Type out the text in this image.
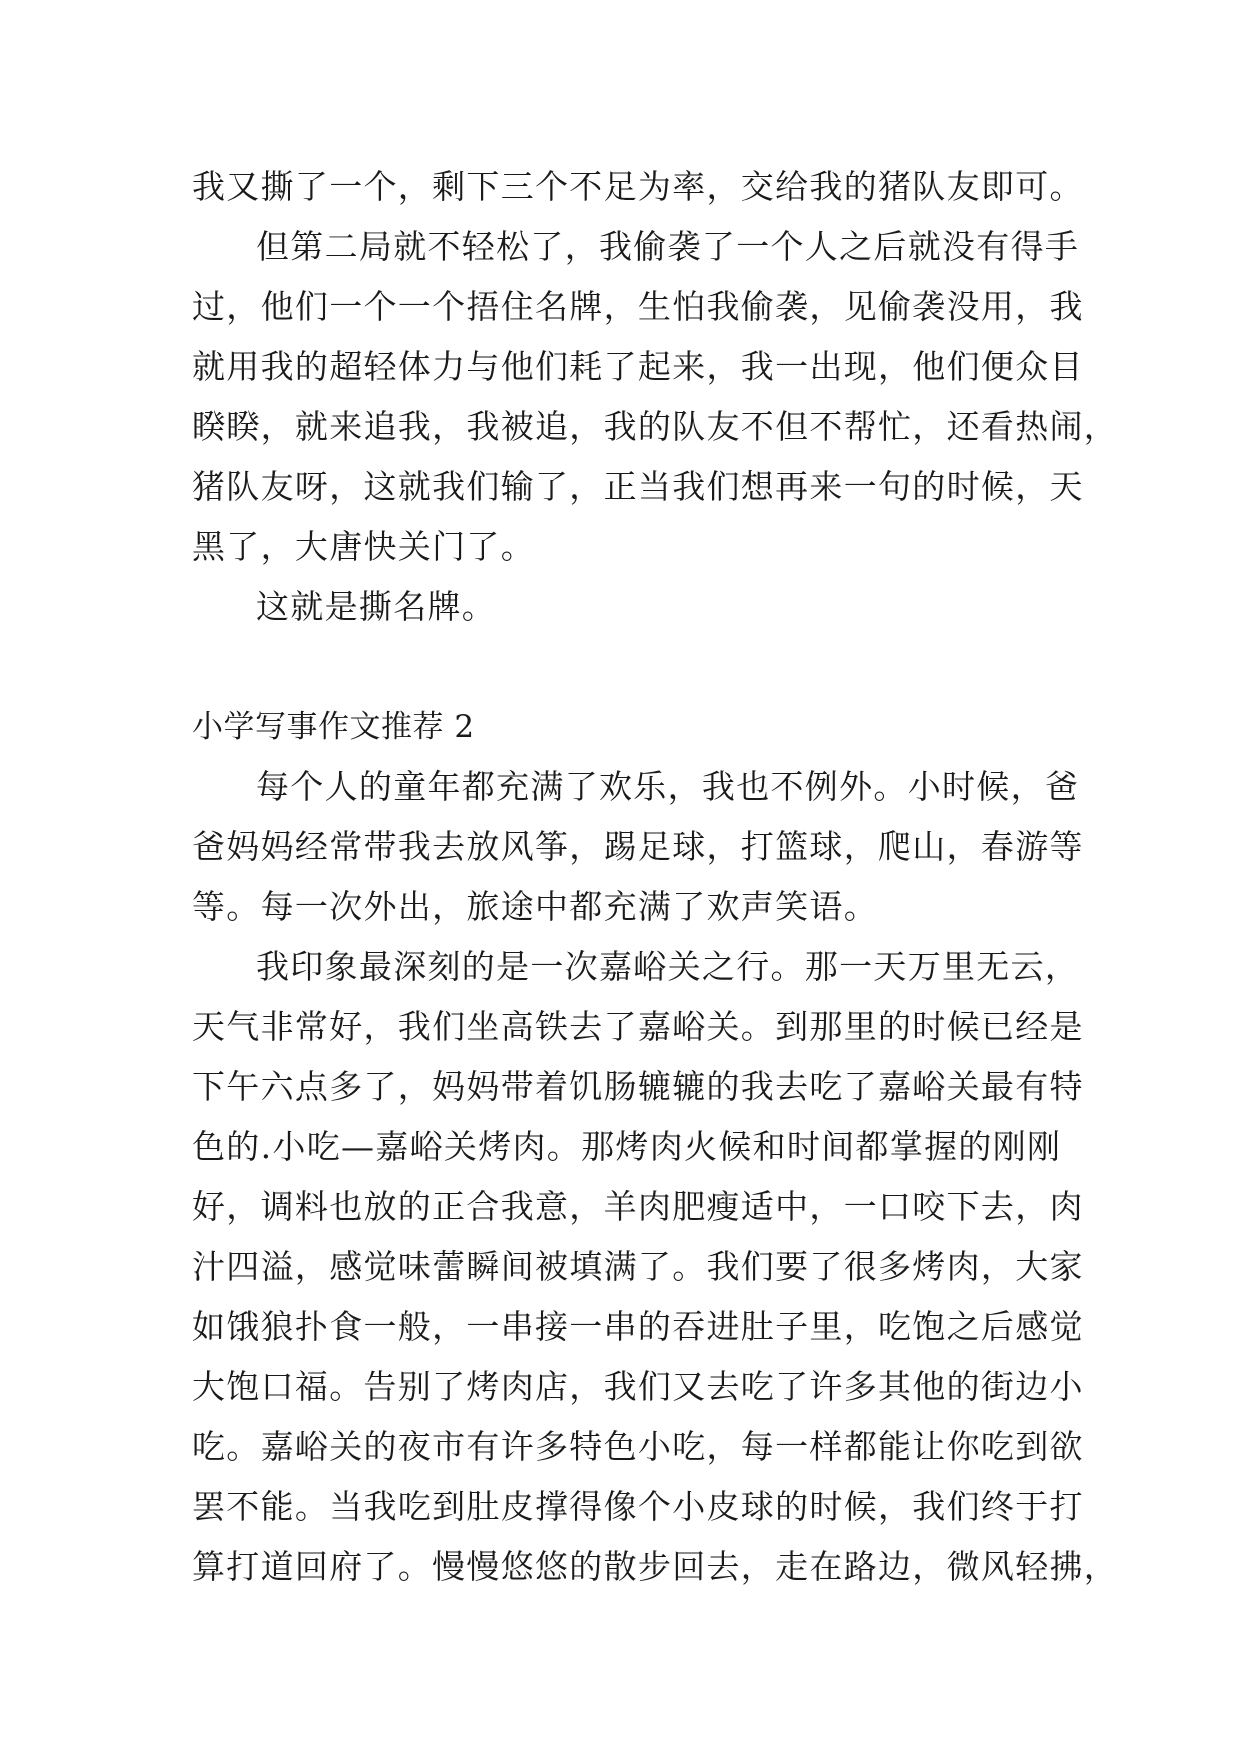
我又撕了一个，剩下三个不足为率，交给我的猪队友即可。
但第二局就不轻松了，我偷袭了一个人之后就没有得手
过，他们一个一个捂住名牌，生怕我偷袭，见偷袭没用，我
就用我的超轻体力与他们耗了起来，我一出现，他们便众目
睽睽，就来追我，我被追，我的队友不但不帮忙，还看热闹，
猪队友呀，这就我们输了，正当我们想再来一句的时候，天
黑了，大唐快关门了。
这就是撕名牌。
小学写事作文推荐 2
每个人的童年都充满了欢乐，我也不例外。小时候，爸
爸妈妈经常带我去放风筝，踢足球，打篮球，爬山，春游等
等。每一次外出，旅途中都充满了欢声笑语。
我印象最深刻的是一次嘉峪关之行。那一天万里无云，
天气非常好，我们坐高铁去了嘉峪关。到那里的时候已经是
下午六点多了，妈妈带着饥肠辘辘的我去吃了嘉峪关最有特
色的.小吃—嘉峪关烤肉。那烤肉火候和时间都掌握的刚刚
好，调料也放的正合我意，羊肉肥瘦适中，一口咬下去，肉
汁四溢，感觉味蕾瞬间被填满了。我们要了很多烤肉，大家
如饿狼扑食一般，一串接一串的吞进肚子里，吃饱之后感觉
大饱口福。告别了烤肉店，我们又去吃了许多其他的街边小
吃。嘉峪关的夜市有许多特色小吃，每一样都能让你吃到欲
罢不能。当我吃到肚皮撑得像个小皮球的时候，我们终于打
算打道回府了。慢慢悠悠的散步回去，走在路边，微风轻拂，
